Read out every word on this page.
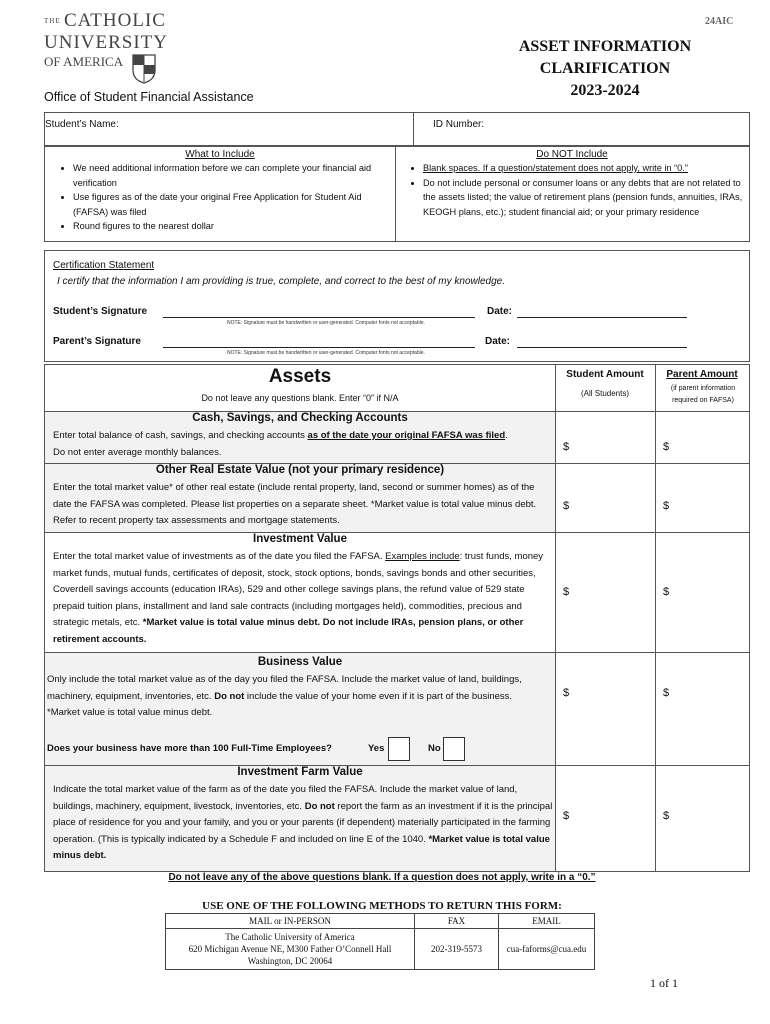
THE CATHOLIC
UNIVERSITY
OF AMERICA
Office of Student Financial Assistance
24AIC
ASSET INFORMATION
CLARIFICATION
2023-2024
Student’s Name:	ID Number:
What to Include
• We need additional information before we can complete your financial aid verification
• Use figures as of the date your original Free Application for Student Aid (FAFSA) was filed
• Round figures to the nearest dollar
Do NOT Include
• Blank spaces. If a question/statement does not apply, write in “0.”
• Do not include personal or consumer loans or any debts that are not related to the assets listed; the value of retirement plans (pension funds, annuities, IRAs, KEOGH plans, etc.); student financial aid; or your primary residence
Certification Statement
I certify that the information I am providing is true, complete, and correct to the best of my knowledge.
Student’s Signature
NOTE: Signature must be handwritten or user-generated. Computer fonts not acceptable.
Date:
Parent’s Signature
NOTE: Signature must be handwritten or user-generated. Computer fonts not acceptable.
Date:
Assets
Do not leave any questions blank. Enter “0” if N/A
Student Amount
(All Students)
Parent Amount
(if parent information required on FAFSA)
Cash, Savings, and Checking Accounts
Enter total balance of cash, savings, and checking accounts as of the date your original FAFSA was filed.
Do not enter average monthly balances.	$	$
Other Real Estate Value (not your primary residence)
Enter the total market value* of other real estate (include rental property, land, second or summer homes) as of the date the FAFSA was completed. Please list properties on a separate sheet. *Market value is total value minus debt. Refer to recent property tax assessments and mortgage statements.
$	$
Investment Value
Enter the total market value of investments as of the date you filed the FAFSA. Examples include: trust funds, money market funds, mutual funds, certificates of deposit, stock, stock options, bonds, savings bonds and other securities, Coverdell savings accounts (education IRAs), 529 and other college savings plans, the refund value of 529 state prepaid tuition plans, installment and land sale contracts (including mortgages held), commodities, precious and strategic metals, etc. *Market value is total value minus debt. Do not include IRAs, pension plans, or other retirement accounts.
$	$
Business Value
Only include the total market value as of the day you filed the FAFSA. Include the market value of land, buildings, machinery, equipment, inventories, etc. Do not include the value of your home even if it is part of the business. *Market value is total value minus debt.
Does your business have more than 100 Full-Time Employees?	Yes	No
$	$
Investment Farm Value
Indicate the total market value of the farm as of the date you filed the FAFSA. Include the market value of land, buildings, machinery, equipment, livestock, inventories, etc. Do not report the farm as an investment if it is the principal place of residence for you and your family, and you or your parents (if dependent) materially participated in the farming operation. (This is typically indicated by a Schedule F and included on line E of the 1040. *Market value is total value minus debt.
$	$
Do not leave any of the above questions blank. If a question does not apply, write in a “0.”
USE ONE OF THE FOLLOWING METHODS TO RETURN THIS FORM:
MAIL or IN-PERSON	FAX	EMAIL

The Catholic University of America
620 Michigan Avenue NE, M300 Father O’Connell Hall
Washington, DC 20064	202-319-5573	cua-faforms@cua.edu
1 of 1
